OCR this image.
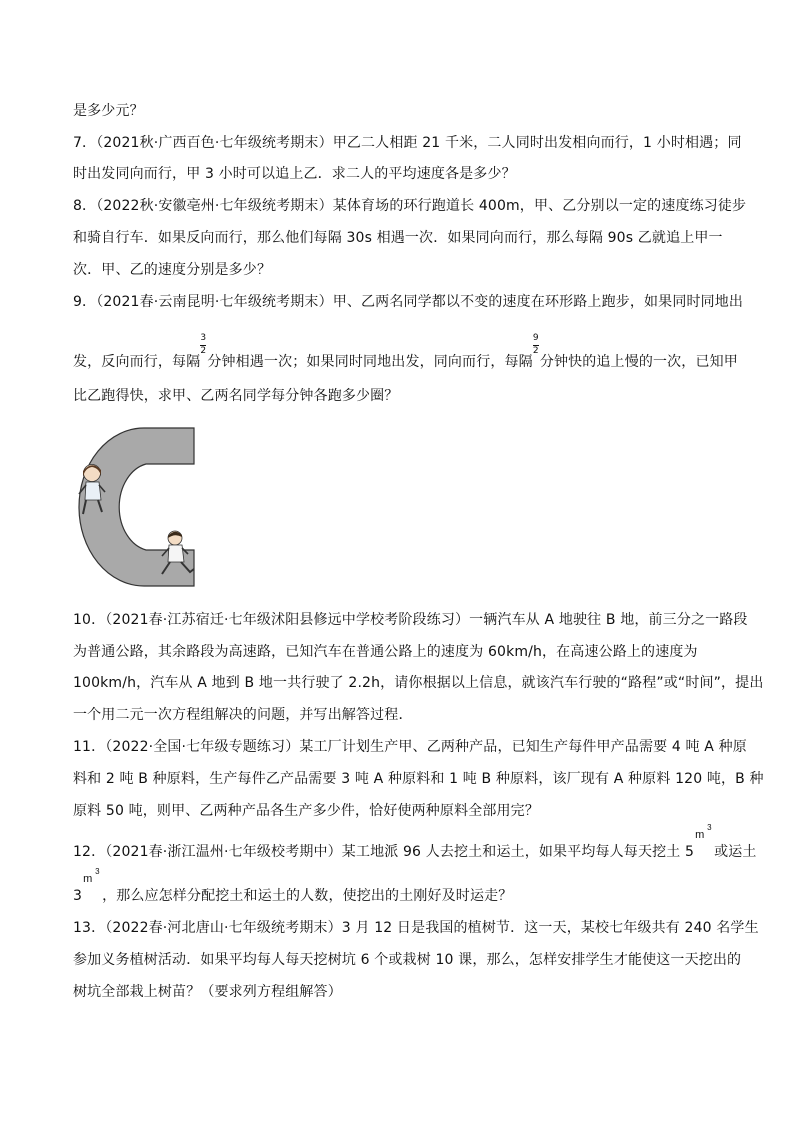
是多少元？
7．（2021秋·广西百色·七年级统考期末）甲乙二人相距 21 千米，二人同时出发相向而行，1 小时相遇；同
时出发同向而行，甲 3 小时可以追上乙．求二人的平均速度各是多少？
8．（2022秋·安徽亳州·七年级统考期末）某体育场的环行跑道长 400m，甲、乙分别以一定的速度练习徒步
和骑自行车．如果反向而行，那么他们每隔 30s 相遇一次．如果同向而行，那么每隔 90s 乙就追上甲一
次．甲、乙的速度分别是多少？
9．（2021春·云南昆明·七年级统考期末）甲、乙两名同学都以不变的速度在环形路上跑步，如果同时同地出
发，反向而行，每隔 $\frac{3}{2}$ 分钟相遇一次；如果同时同地出发，同向而行，每隔 $\frac{9}{2}$ 分钟快的追上慢的一次，已知甲
比乙跑得快，求甲、乙两名同学每分钟各跑多少圈？
10．（2021春·江苏宿迁·七年级沭阳县修远中学校考阶段练习）一辆汽车从 A 地驶往 B 地，前三分之一路段
为普通公路，其余路段为高速路，已知汽车在普通公路上的速度为 60km/h，在高速公路上的速度为
100km/h，汽车从 A 地到 B 地一共行驶了 2.2h，请你根据以上信息，就该汽车行驶的“路程”或“时间”，提出
一个用二元一次方程组解决的问题，并写出解答过程．
11．（2022·全国·七年级专题练习）某工厂计划生产甲、乙两种产品，已知生产每件甲产品需要 4 吨 A 种原
料和 2 吨 B 种原料，生产每件乙产品需要 3 吨 A 种原料和 1 吨 B 种原料，该厂现有 A 种原料 120 吨，B 种
原料 50 吨，则甲、乙两种产品各生产多少件，恰好使两种原料全部用完？
12．（2021春·浙江温州·七年级校考期中）某工地派 96 人去挖土和运土，如果平均每人每天挖土 5
m
3
或运土
3
m
3
，那么应怎样分配挖土和运土的人数，使挖出的土刚好及时运走？
13．（2022春·河北唐山·七年级统考期末）3 月 12 日是我国的植树节．这一天，某校七年级共有 240 名学生
参加义务植树活动．如果平均每人每天挖树坑 6 个或栽树 10 课，那么，怎样安排学生才能使这一天挖出的
树坑全部栽上树苗？（要求列方程组解答）
